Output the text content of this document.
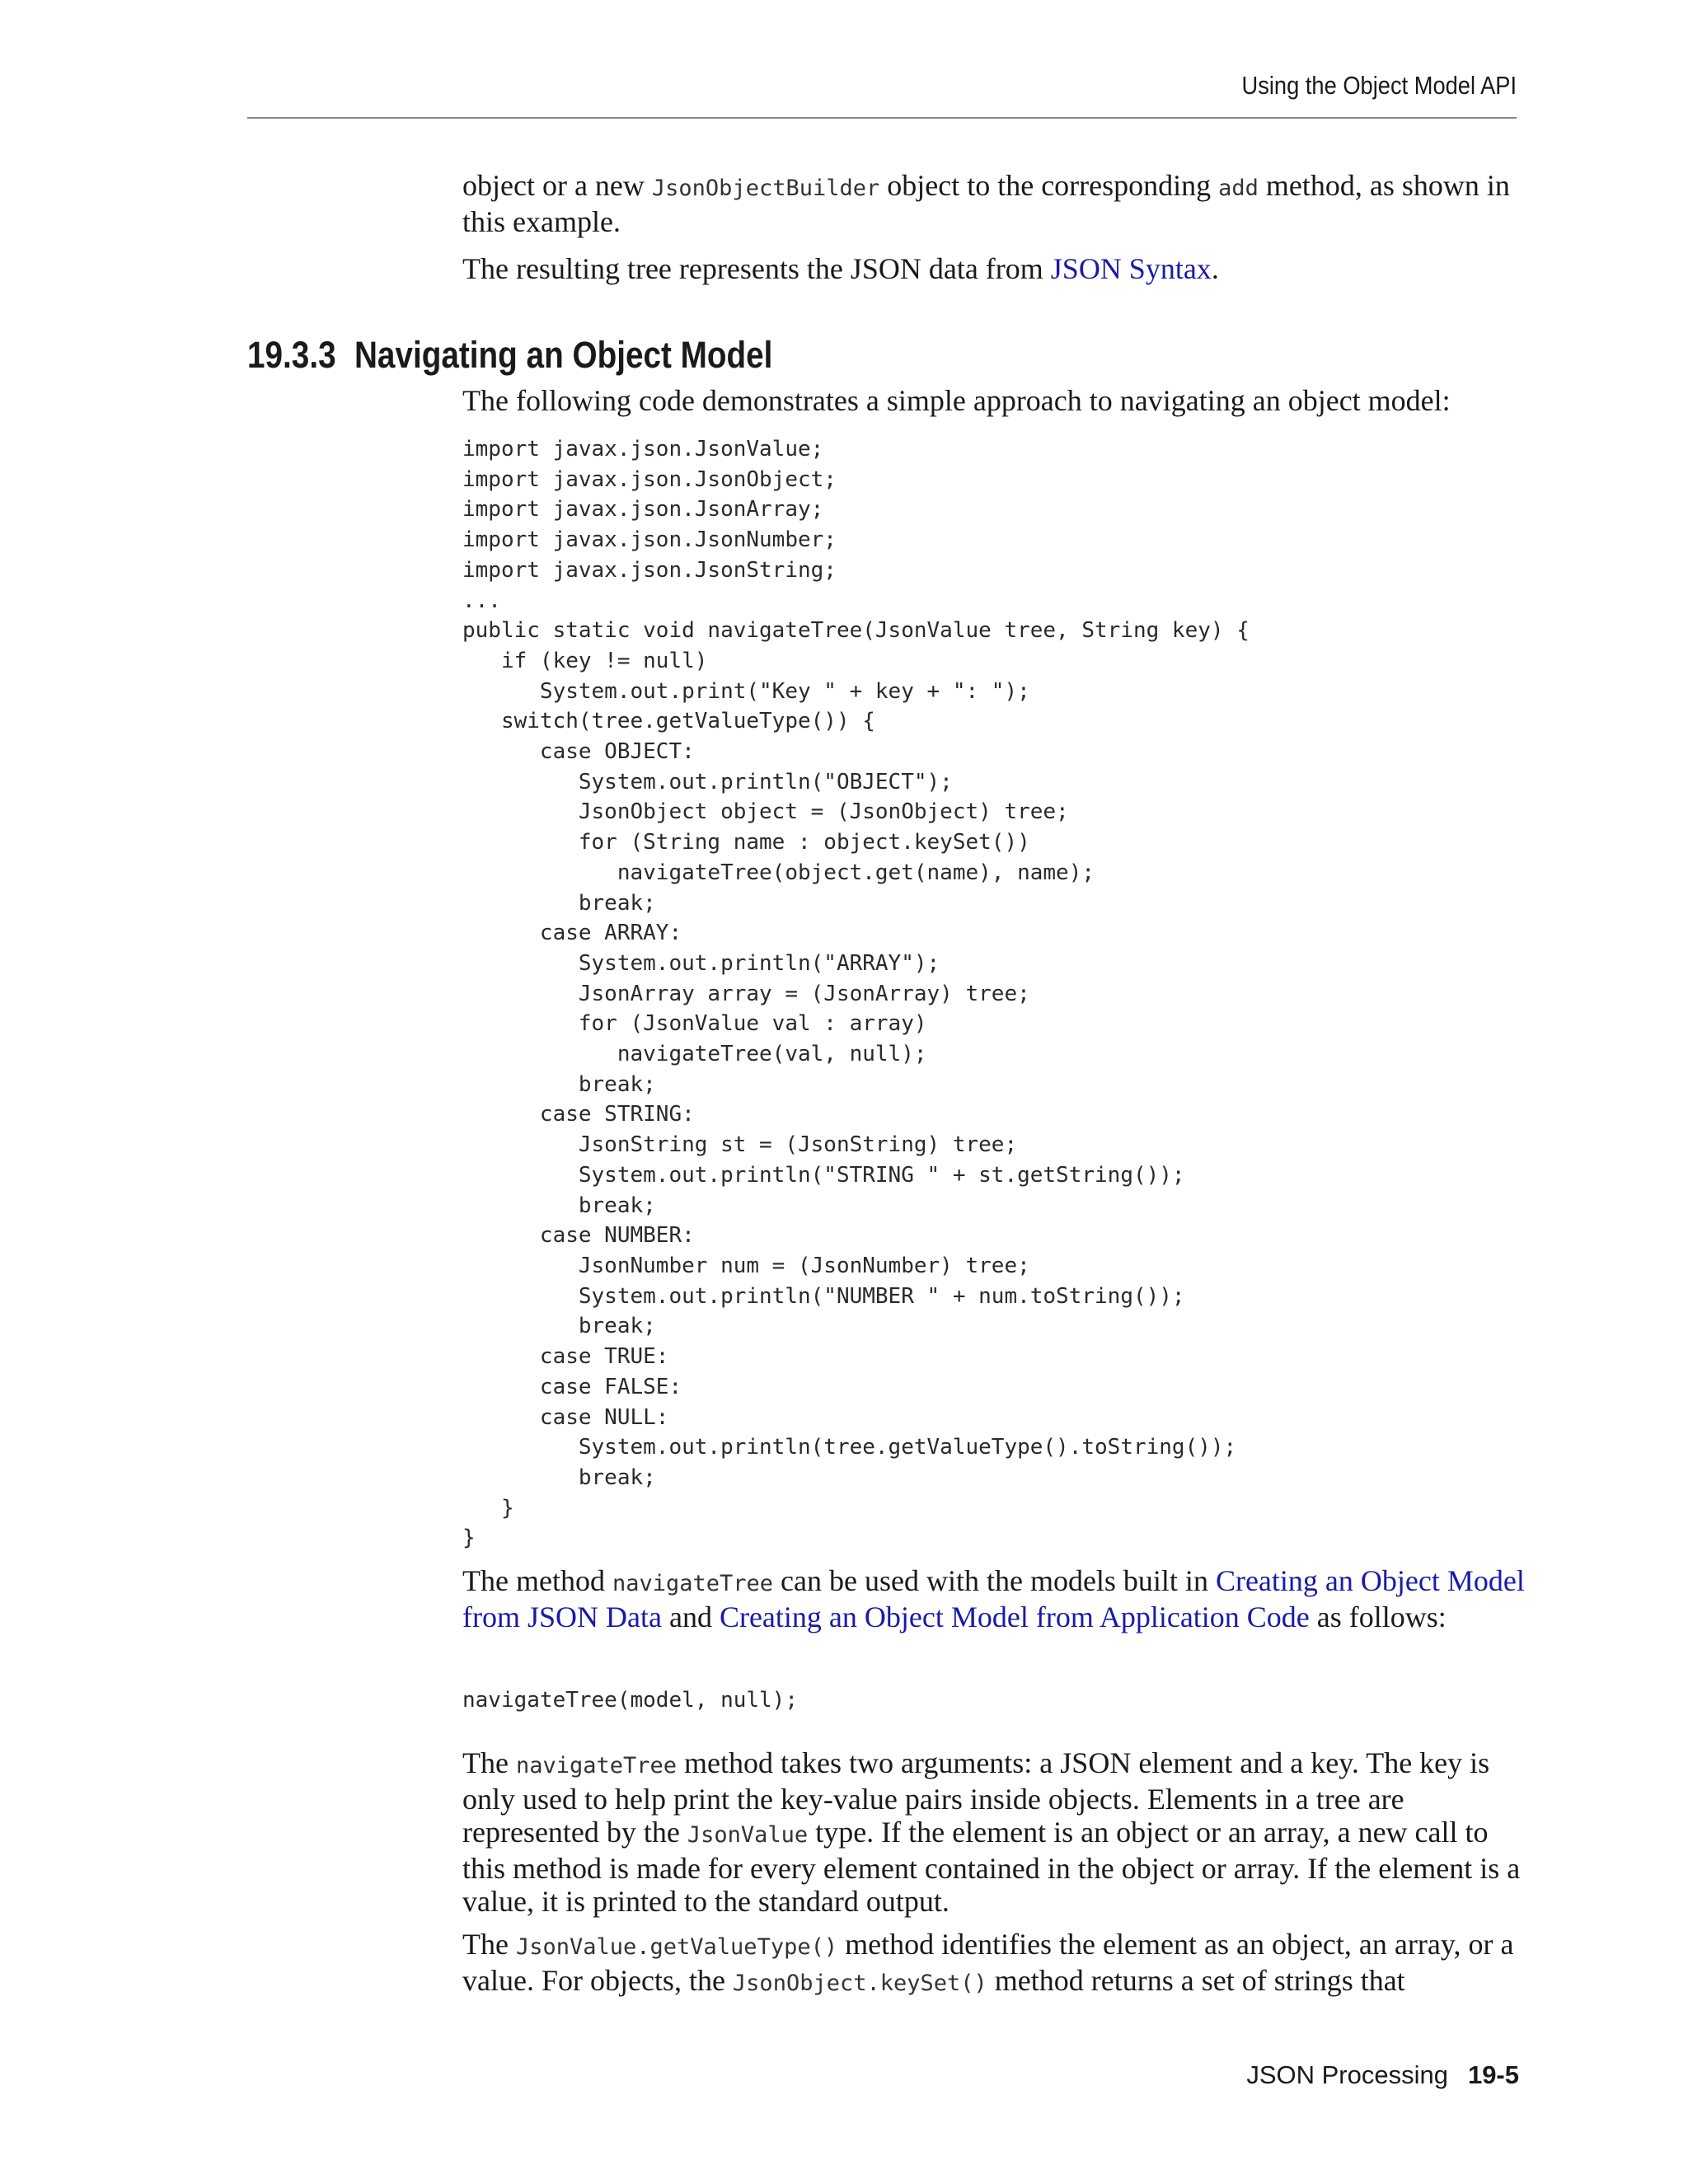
Using the Object Model API

object or a new JsonObjectBuilder object to the corresponding add method, as shown in this example.

The resulting tree represents the JSON data from JSON Syntax.

19.3.3 Navigating an Object Model

The following code demonstrates a simple approach to navigating an object model:

import javax.json.JsonValue;
import javax.json.JsonObject;
import javax.json.JsonArray;
import javax.json.JsonNumber;
import javax.json.JsonString;
...
public static void navigateTree(JsonValue tree, String key) {
if (key != null)
System.out.print("Key " + key + ": ");
switch(tree.getValueType()) {
case OBJECT:
System.out.println("OBJECT");
JsonObject object = (JsonObject) tree;
for (String name : object.keySet())
navigateTree(object.get(name), name);
break;
case ARRAY:
System.out.println("ARRAY");
JsonArray array = (JsonArray) tree;
for (JsonValue val : array)
navigateTree(val, null);
break;
case STRING:
JsonString st = (JsonString) tree;
System.out.println("STRING " + st.getString());
break;
case NUMBER:
JsonNumber num = (JsonNumber) tree;
System.out.println("NUMBER " + num.toString());
break;
case TRUE:
case FALSE:
case NULL:
System.out.println(tree.getValueType().toString());
break;
}
}

The method navigateTree can be used with the models built in Creating an Object Model from JSON Data and Creating an Object Model from Application Code as follows:

navigateTree(model, null);

The navigateTree method takes two arguments: a JSON element and a key. The key is only used to help print the key-value pairs inside objects. Elements in a tree are represented by the JsonValue type. If the element is an object or an array, a new call to this method is made for every element contained in the object or array. If the element is a value, it is printed to the standard output.

The JsonValue.getValueType() method identifies the element as an object, an array, or a value. For objects, the JsonObject.keySet() method returns a set of strings that

JSON Processing 19-5
